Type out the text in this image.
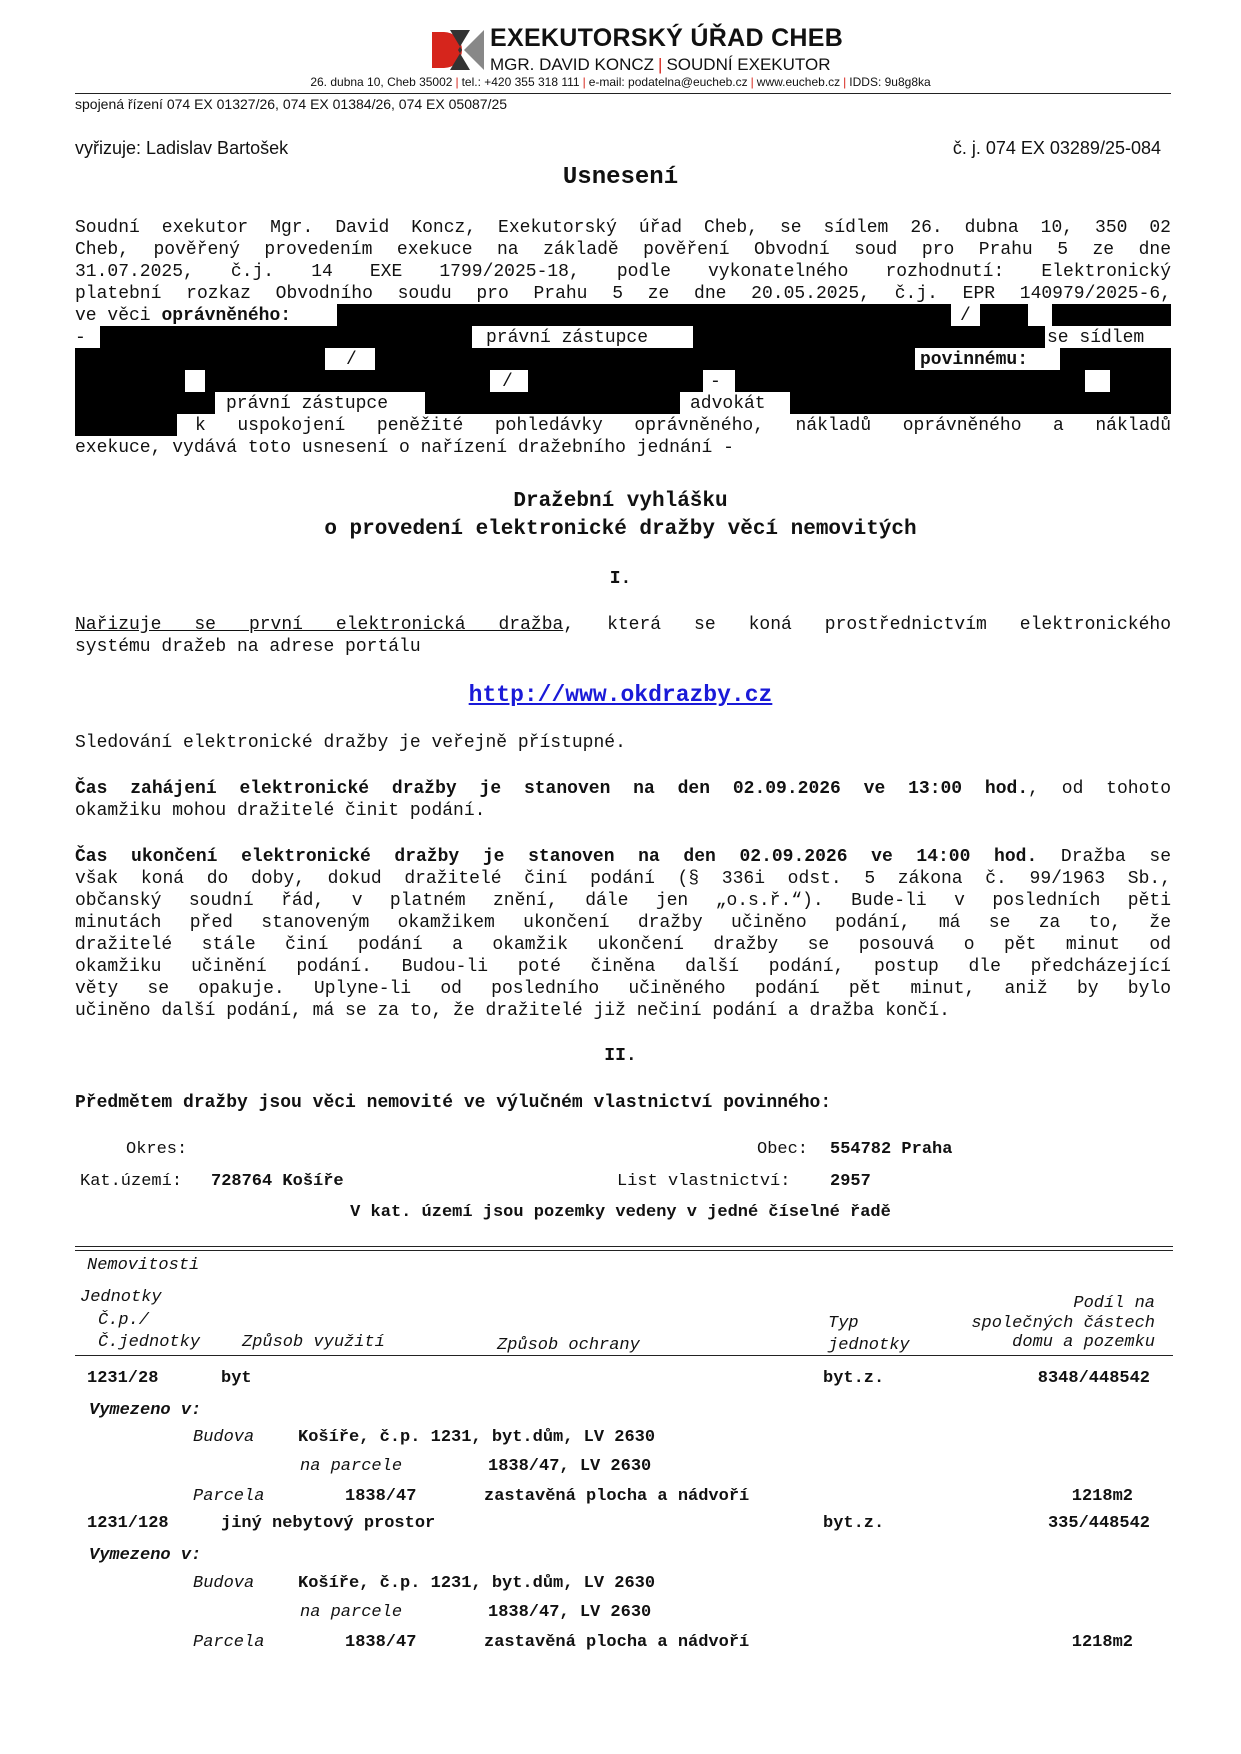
EXEKUTORSKÝ ÚŘAD CHEB
MGR. DAVID KONCZ | SOUDNÍ EXEKUTOR
26. dubna 10, Cheb 35002 | tel.: +420 355 318 111 | e-mail: podatelna@eucheb.cz | www.eucheb.cz | IDDS: 9u8g8ka
spojená řízení 074 EX 01327/26, 074 EX 01384/26, 074 EX 05087/25
vyřizuje: Ladislav Bartošek	č. j. 074 EX 03289/25-084
Usnesení
Soudní exekutor Mgr. David Koncz, Exekutorský úřad Cheb, se sídlem 26. dubna 10, 350 02
Cheb, pověřený provedením exekuce na základě pověření Obvodní soud pro Prahu 5 ze dne
31.07.2025, č.j. 14 EXE 1799/2025-18, podle vykonatelného rozhodnutí: Elektronický
platební rozkaz Obvodního soudu pro Prahu 5 ze dne 20.05.2025, č.j. EPR 140979/2025-6,
ve věci oprávněného:	/
-	právní zástupce	se sídlem
/	povinnému:
/	-
právní zástupce	advokát
k uspokojení peněžité pohledávky oprávněného, nákladů oprávněného a nákladů
exekuce, vydává toto usnesení o nařízení dražebního jednání -
Dražební vyhlášku
o provedení elektronické dražby věcí nemovitých
I.
Nařizuje se první elektronická dražba, která se koná prostřednictvím elektronického
systému dražeb na adrese portálu
http://www.okdrazby.cz
Sledování elektronické dražby je veřejně přístupné.
Čas zahájení elektronické dražby je stanoven na den 02.09.2026 ve 13:00 hod., od tohoto
okamžiku mohou dražitelé činit podání.
Čas ukončení elektronické dražby je stanoven na den 02.09.2026 ve 14:00 hod. Dražba se
však koná do doby, dokud dražitelé činí podání (§ 336i odst. 5 zákona č. 99/1963 Sb.,
občanský soudní řád, v platném znění, dále jen „o.s.ř.“). Bude-li v posledních pěti
minutách před stanoveným okamžikem ukončení dražby učiněno podání, má se za to, že
dražitelé stále činí podání a okamžik ukončení dražby se posouvá o pět minut od
okamžiku učinění podání. Budou-li poté činěna další podání, postup dle předcházející
věty se opakuje. Uplyne-li od posledního učiněného podání pět minut, aniž by bylo
učiněno další podání, má se za to, že dražitelé již nečiní podání a dražba končí.
II.
Předmětem dražby jsou věci nemovité ve výlučném vlastnictví povinného:
Okres:	Obec: 554782 Praha
Kat.území: 728764 Košíře	List vlastnictví: 2957
V kat. území jsou pozemky vedeny v jedné číselné řadě
Nemovitosti
Jednotky
Č.p./
Č.jednotky Způsob využití	Způsob ochrany
Typ
jednotky
Podíl na
společných částech
domu a pozemku
1231/28	byt	byt.z.	8348/448542
Vymezeno v:
Budova	Košíře, č.p. 1231, byt.dům, LV 2630
na parcele	1838/47, LV 2630
Parcela	1838/47	zastavěná plocha a nádvoří	1218m2
1231/128	jiný nebytový prostor	byt.z.	335/448542
Vymezeno v:
Budova	Košíře, č.p. 1231, byt.dům, LV 2630
na parcele	1838/47, LV 2630
Parcela	1838/47	zastavěná plocha a nádvoří	1218m2
